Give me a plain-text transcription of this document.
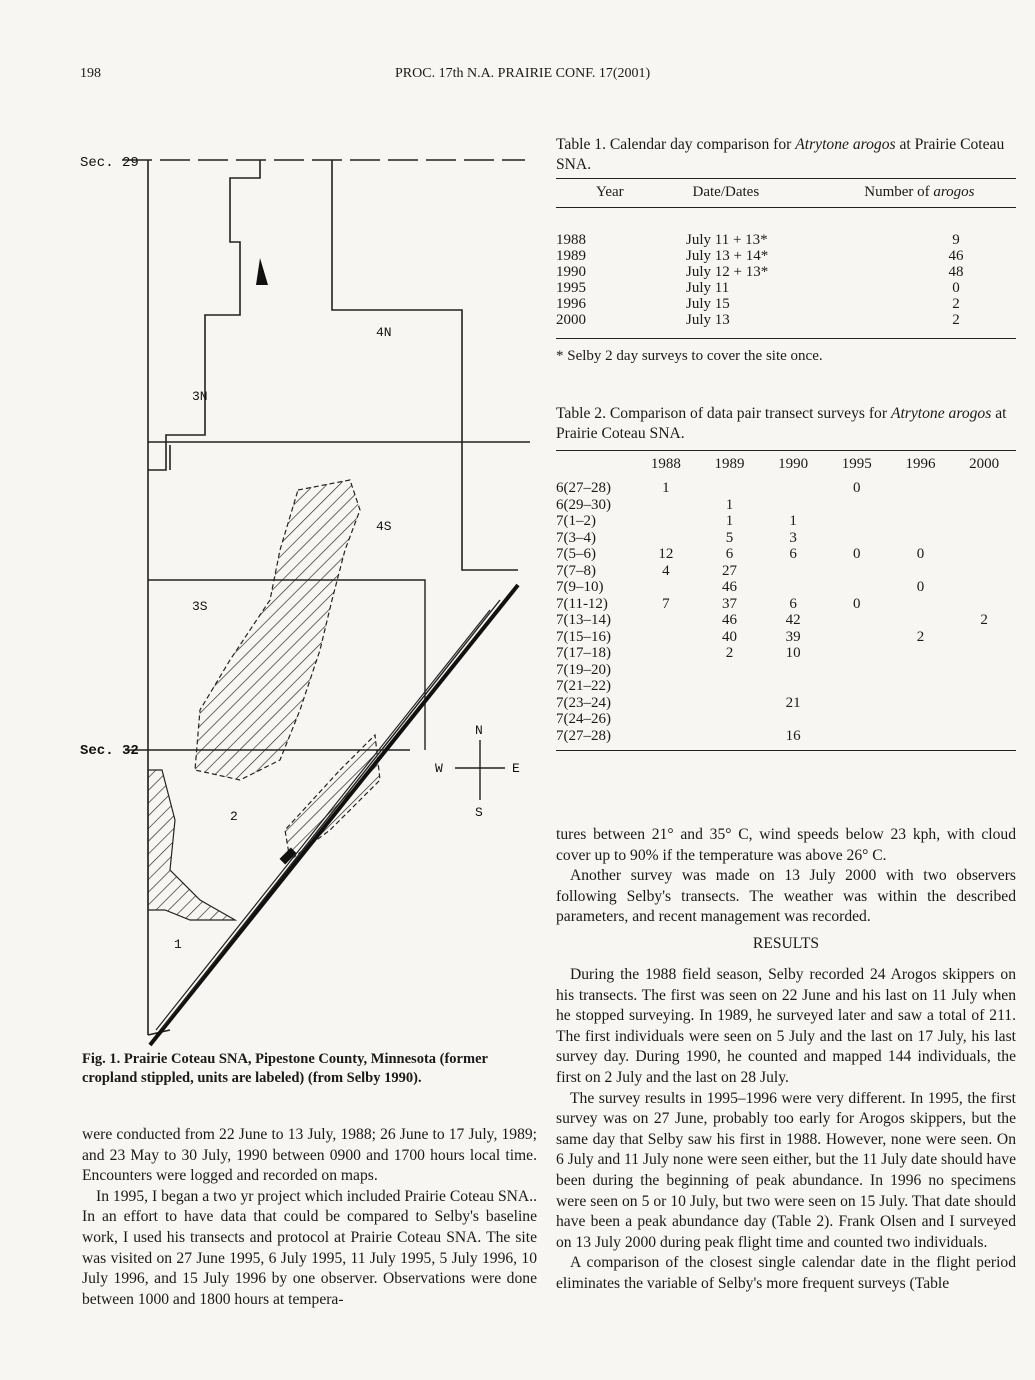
198	PROC. 17th N.A. PRAIRIE CONF. 17(2001)
N
S
W	E
Sec. 29
Sec. 32
4N
3N
4S
3S
2
1
Fig. 1. Prairie Coteau SNA, Pipestone County, Minnesota (former cropland stippled, units are labeled) (from Selby 1990).

were conducted from 22 June to 13 July, 1988; 26 June to 17 July, 1989; and 23 May to 30 July, 1990 between 0900 and 1700 hours local time. Encounters were logged and recorded on maps.

In 1995, I began a two yr project which included Prairie Coteau SNA.. In an effort to have data that could be compared to Selby's baseline work, I used his transects and protocol at Prairie Coteau SNA. The site was visited on 27 June 1995, 6 July 1995, 11 July 1995, 5 July 1996, 10 July 1996, and 15 July 1996 by one observer. Observations were done between 1000 and 1800 hours at tempera-

Table 1. Calendar day comparison for Atrytone arogos at Prairie Coteau SNA.
Year	Date/Dates	Number of arogos
1988	July 11 + 13*	9
1989	July 13 + 14*	46
1990	July 12 + 13*	48
1995	July 11	0
1996	July 15	2
2000	July 13	2
* Selby 2 day surveys to cover the site once.
Table 2. Comparison of data pair transect surveys for Atrytone arogos at Prairie Coteau SNA.
	1988	1989	1990	1995	1996	2000
6(27–28)	1			0		
6(29–30)		1				
7(1–2)		1	1			
7(3–4)		5	3			
7(5–6)	12	6	6	0	0	
7(7–8)	4	27				
7(9–10)		46			0	
7(11-12)	7	37	6	0		
7(13–14)		46	42			2
7(15–16)		40	39		2	
7(17–18)		2	10			
7(19–20)						
7(21–22)						
7(23–24)			21			
7(24–26)						
7(27–28)			16			

tures between 21° and 35° C, wind speeds below 23 kph, with cloud cover up to 90% if the temperature was above 26° C.

Another survey was made on 13 July 2000 with two observers following Selby's transects. The weather was within the described parameters, and recent management was recorded.

RESULTS

During the 1988 field season, Selby recorded 24 Arogos skippers on his transects. The first was seen on 22 June and his last on 11 July when he stopped surveying. In 1989, he surveyed later and saw a total of 211. The first individuals were seen on 5 July and the last on 17 July, his last survey day. During 1990, he counted and mapped 144 individuals, the first on 2 July and the last on 28 July.

The survey results in 1995–1996 were very different. In 1995, the first survey was on 27 June, probably too early for Arogos skippers, but the same day that Selby saw his first in 1988. However, none were seen. On 6 July and 11 July none were seen either, but the 11 July date should have been during the beginning of peak abundance. In 1996 no specimens were seen on 5 or 10 July, but two were seen on 15 July. That date should have been a peak abundance day (Table 2). Frank Olsen and I surveyed on 13 July 2000 during peak flight time and counted two individuals.

A comparison of the closest single calendar date in the flight period eliminates the variable of Selby's more frequent surveys (Table
